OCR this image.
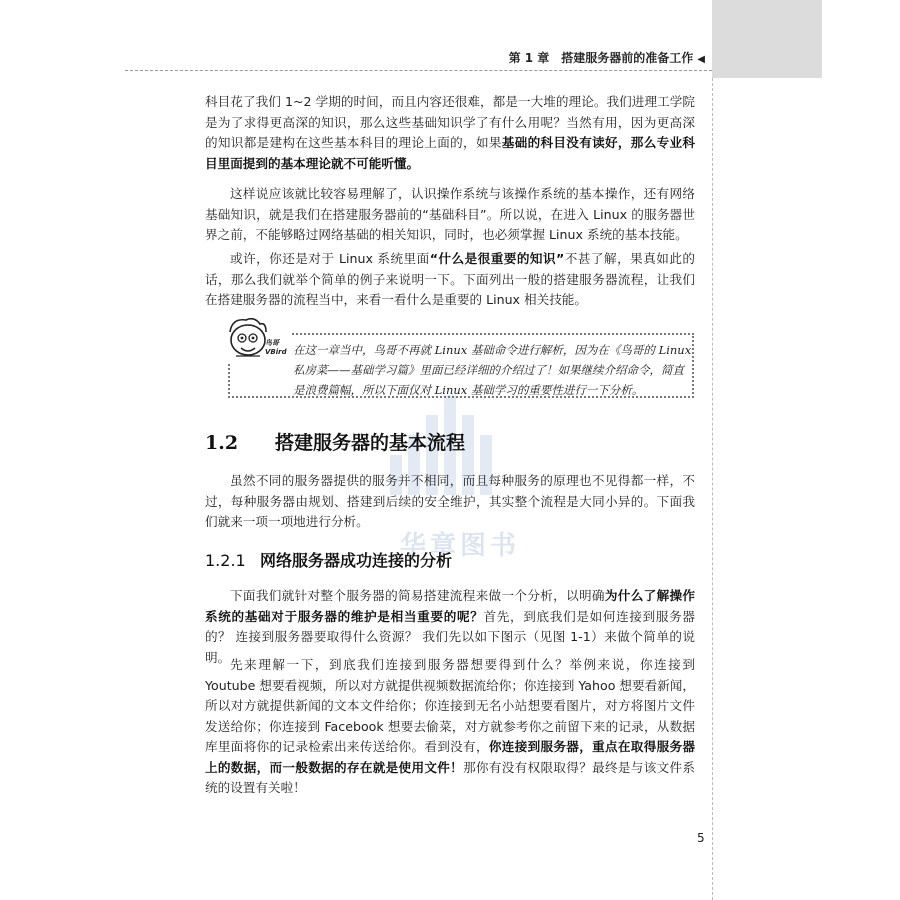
第 1 章　搭建服务器前的准备工作 ◀
华章图书

科目花了我们 1~2 学期的时间，而且内容还很难，都是一大堆的理论。我们进理工学院是为了求得更高深的知识，那么这些基础知识学了有什么用呢？当然有用，因为更高深的知识都是建构在这些基本科目的理论上面的，如果基础的科目没有读好，那么专业科目里面提到的基本理论就不可能听懂。

这样说应该就比较容易理解了，认识操作系统与该操作系统的基本操作，还有网络基础知识，就是我们在搭建服务器前的“基础科目”。所以说，在进入 Linux 的服务器世界之前，不能够略过网络基础的相关知识，同时，也必须掌握 Linux 系统的基本技能。

或许，你还是对于 Linux 系统里面“什么是很重要的知识”不甚了解，果真如此的话，那么我们就举个简单的例子来说明一下。下面列出一般的搭建服务器流程，让我们在搭建服务器的流程当中，来看一看什么是重要的 Linux 相关技能。

鸟哥 VBird 在这一章当中，鸟哥不再就 Linux 基础命令进行解析，因为在《鸟哥的 Linux 私房菜——基础学习篇》里面已经详细的介绍过了！如果继续介绍命令，简直是浪费篇幅，所以下面仅对 Linux 基础学习的重要性进行一下分析。

1.2 搭建服务器的基本流程

虽然不同的服务器提供的服务并不相同，而且每种服务的原理也不见得都一样，不过，每种服务器由规划、搭建到后续的安全维护，其实整个流程是大同小异的。下面我们就来一项一项地进行分析。

1.2.1 网络服务器成功连接的分析

下面我们就针对整个服务器的简易搭建流程来做一个分析，以明确为什么了解操作系统的基础对于服务器的维护是相当重要的呢？首先，到底我们是如何连接到服务器的？ 连接到服务器要取得什么资源？ 我们先以如下图示（见图 1-1）来做个简单的说明。 先来理解一下，到底我们连接到服务器想要得到什么？举例来说，你连接到 Youtube 想要看视频，所以对方就提供视频数据流给你；你连接到 Yahoo 想要看新闻，所以对方就提供新闻的文本文件给你；你连接到无名小站想要看图片，对方将图片文件发送给你；你连接到 Facebook 想要去偷菜，对方就参考你之前留下来的记录，从数据库里面将你的记录检索出来传送给你。看到没有，你连接到服务器，重点在取得服务器上的数据，而一般数据的存在就是使用文件！那你有没有权限取得？最终是与该文件系统的设置有关啦！

5
